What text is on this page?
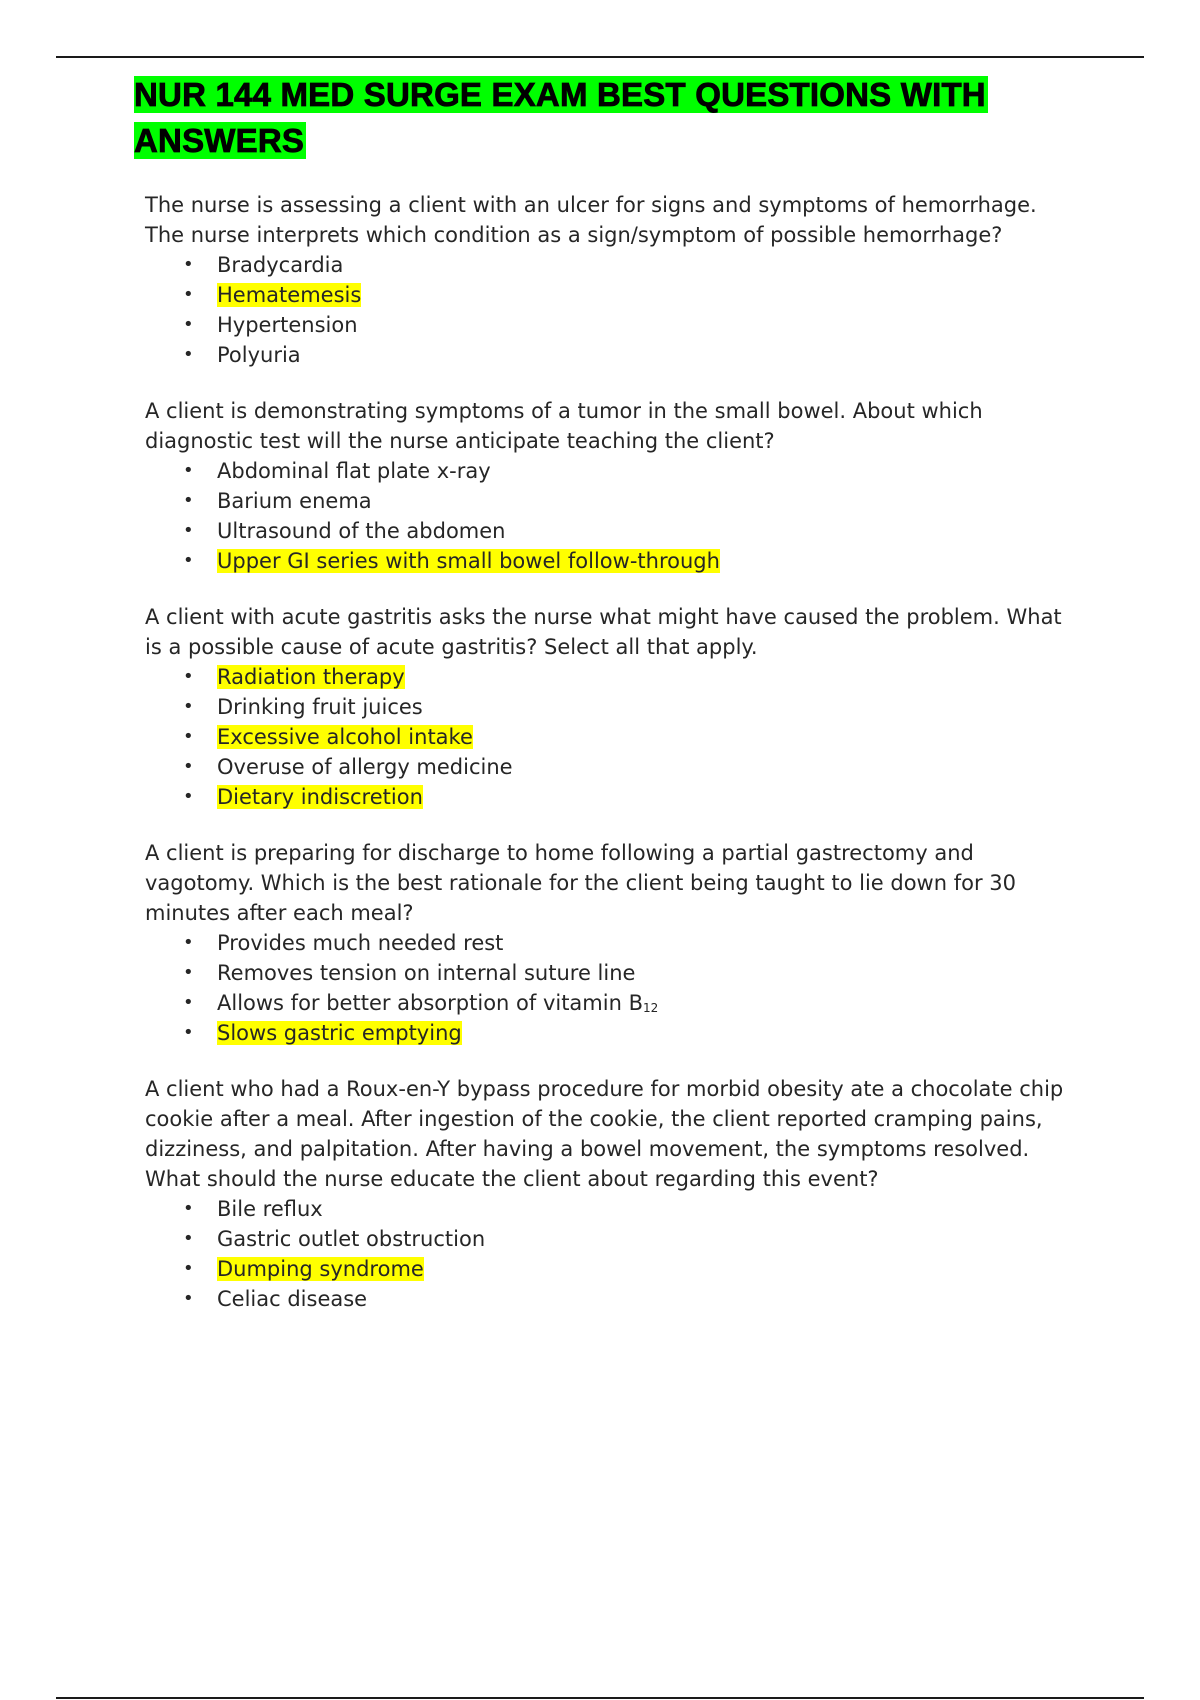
NUR 144 MED SURGE EXAM BEST QUESTIONS WITH ANSWERS

The nurse is assessing a client with an ulcer for signs and symptoms of hemorrhage. The nurse interprets which condition as a sign/symptom of possible hemorrhage?

• Bradycardia
• Hematemesis
• Hypertension
• Polyuria

A client is demonstrating symptoms of a tumor in the small bowel. About which diagnostic test will the nurse anticipate teaching the client?

• Abdominal flat plate x-ray
• Barium enema
• Ultrasound of the abdomen
• Upper GI series with small bowel follow-through

A client with acute gastritis asks the nurse what might have caused the problem. What is a possible cause of acute gastritis? Select all that apply.

• Radiation therapy
• Drinking fruit juices
• Excessive alcohol intake
• Overuse of allergy medicine
• Dietary indiscretion

A client is preparing for discharge to home following a partial gastrectomy and vagotomy. Which is the best rationale for the client being taught to lie down for 30 minutes after each meal?

• Provides much needed rest
• Removes tension on internal suture line
• Allows for better absorption of vitamin $B_{12}$
• Slows gastric emptying

A client who had a Roux-en-Y bypass procedure for morbid obesity ate a chocolate chip cookie after a meal. After ingestion of the cookie, the client reported cramping pains, dizziness, and palpitation. After having a bowel movement, the symptoms resolved. What should the nurse educate the client about regarding this event?

• Bile reflux
• Gastric outlet obstruction
• Dumping syndrome
• Celiac disease
